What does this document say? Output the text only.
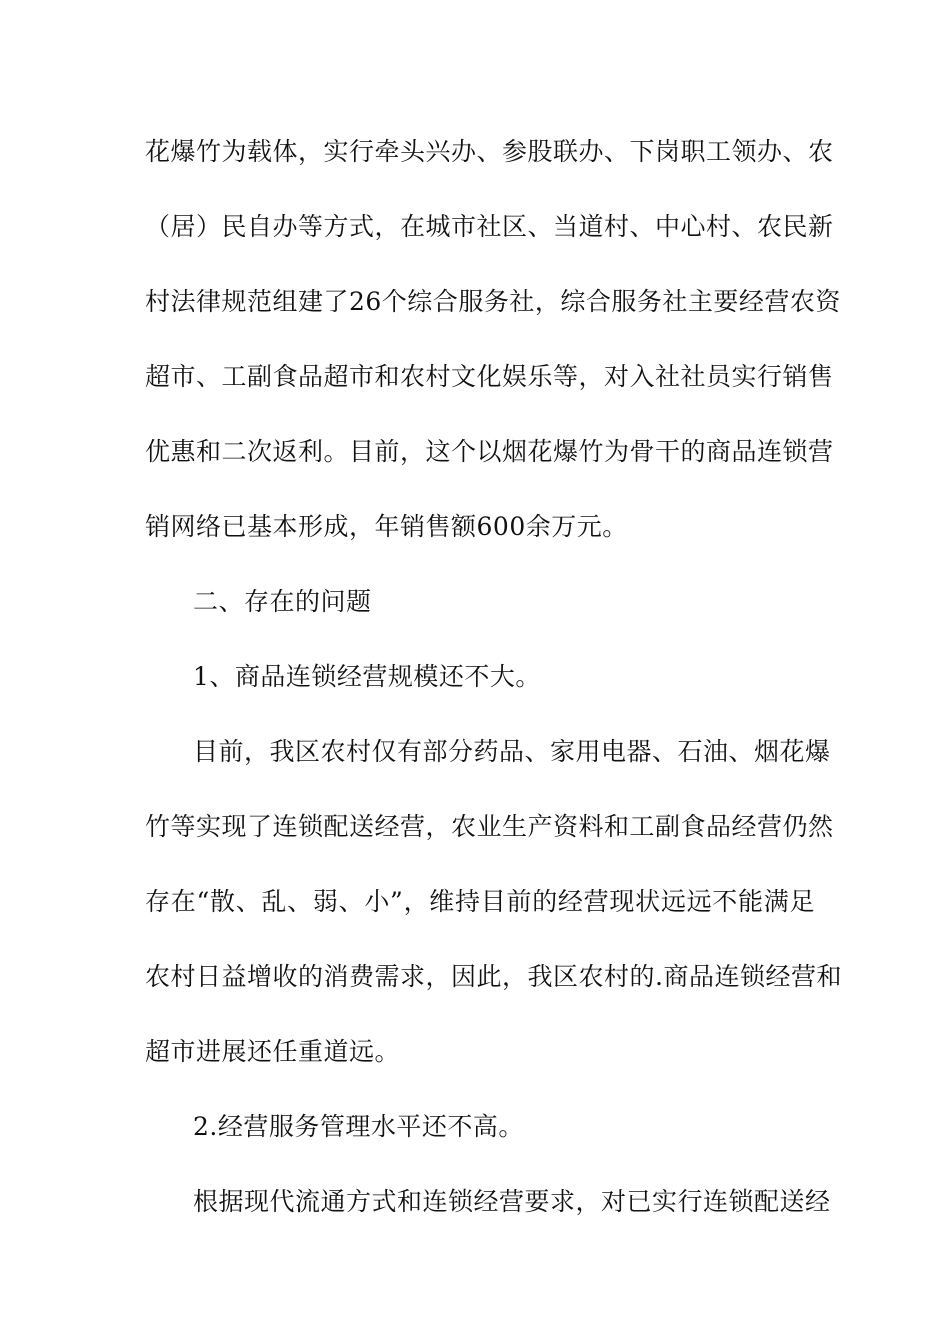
花爆竹为载体，实行牵头兴办、参股联办、下岗职工领办、农
（居）民自办等方式，在城市社区、当道村、中心村、农民新
村法律规范组建了26个综合服务社，综合服务社主要经营农资
超市、工副食品超市和农村文化娱乐等，对入社社员实行销售
优惠和二次返利。目前，这个以烟花爆竹为骨干的商品连锁营
销网络已基本形成，年销售额600余万元。
二、存在的问题
1、商品连锁经营规模还不大。
目前，我区农村仅有部分药品、家用电器、石油、烟花爆
竹等实现了连锁配送经营，农业生产资料和工副食品经营仍然
存在“散、乱、弱、小”，维持目前的经营现状远远不能满足
农村日益增收的消费需求，因此，我区农村的.商品连锁经营和
超市进展还任重道远。
2.经营服务管理水平还不高。
根据现代流通方式和连锁经营要求，对已实行连锁配送经
